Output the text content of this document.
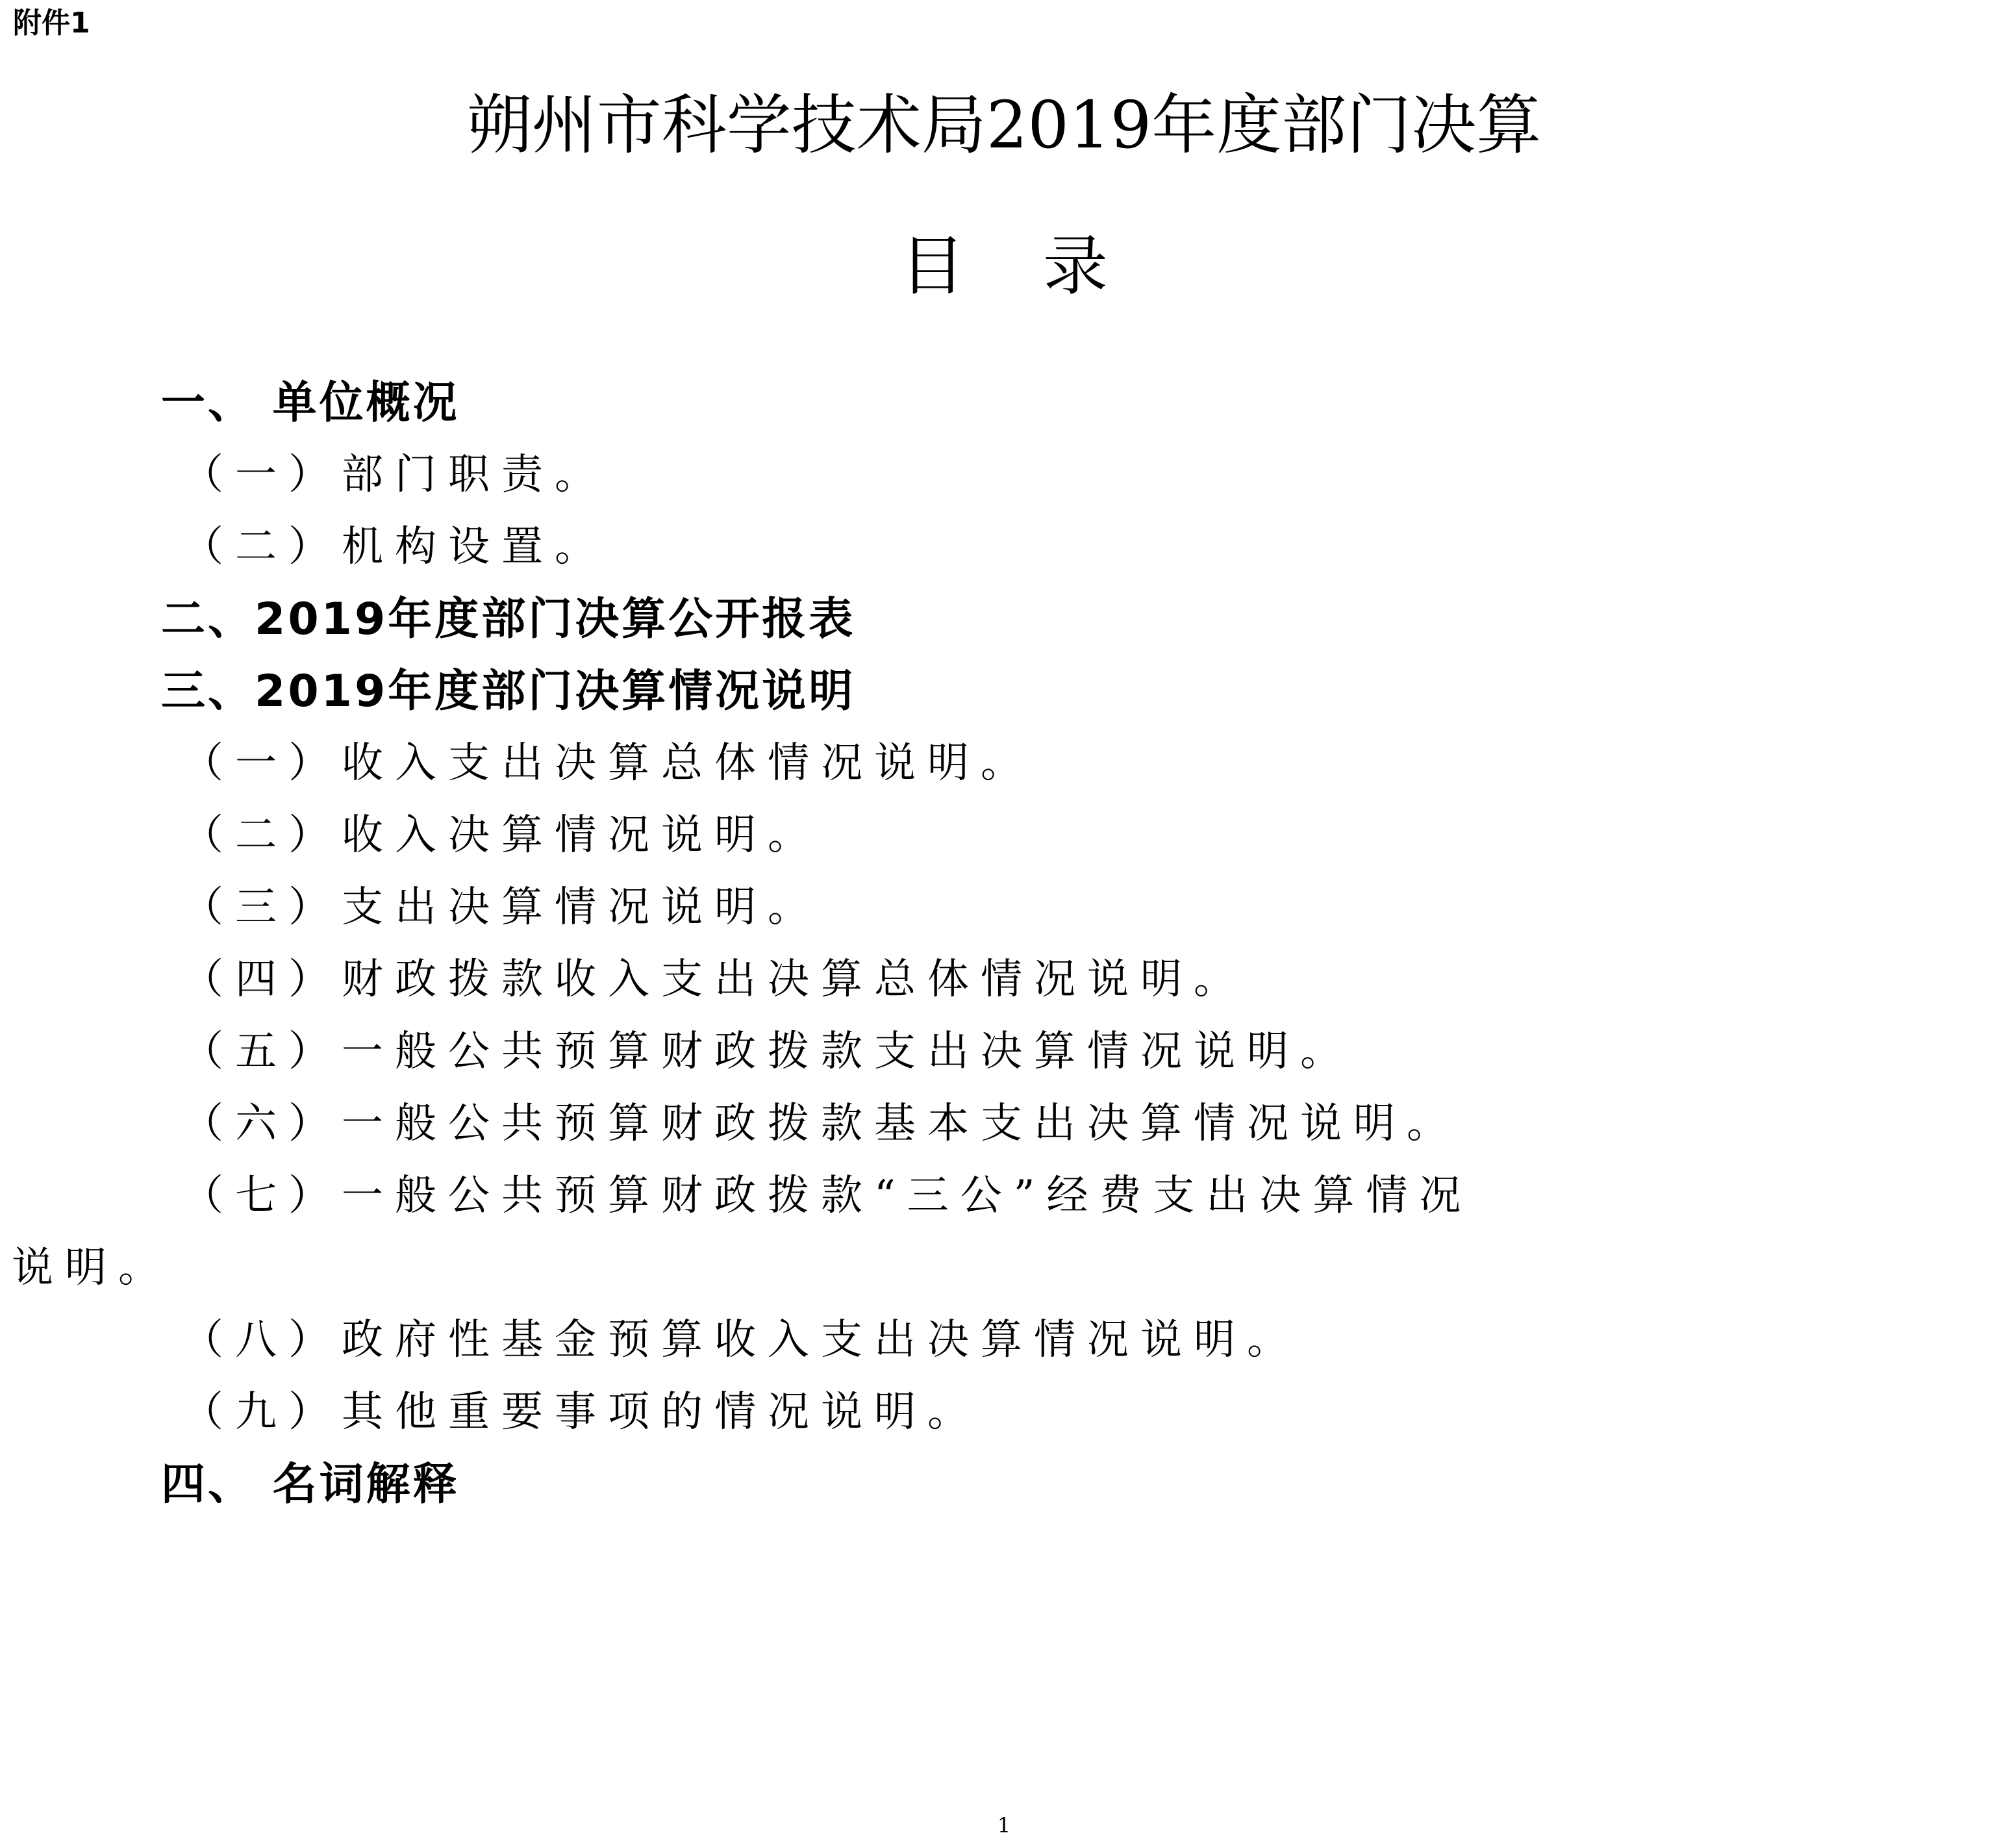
附件1
朔州市科学技术局2019年度部门决算
目 录
一、 单位概况
（一）部门职责。
（二）机构设置。
二、2019年度部门决算公开报表
三、2019年度部门决算情况说明
（一）收入支出决算总体情况说明。
（二）收入决算情况说明。
（三）支出决算情况说明。
（四）财政拨款收入支出决算总体情况说明。
（五）一般公共预算财政拨款支出决算情况说明。
（六）一般公共预算财政拨款基本支出决算情况说明。
（七）一般公共预算财政拨款“三公”经费支出决算情况
说明。
（八）政府性基金预算收入支出决算情况说明。
（九）其他重要事项的情况说明。
四、 名词解释
1
